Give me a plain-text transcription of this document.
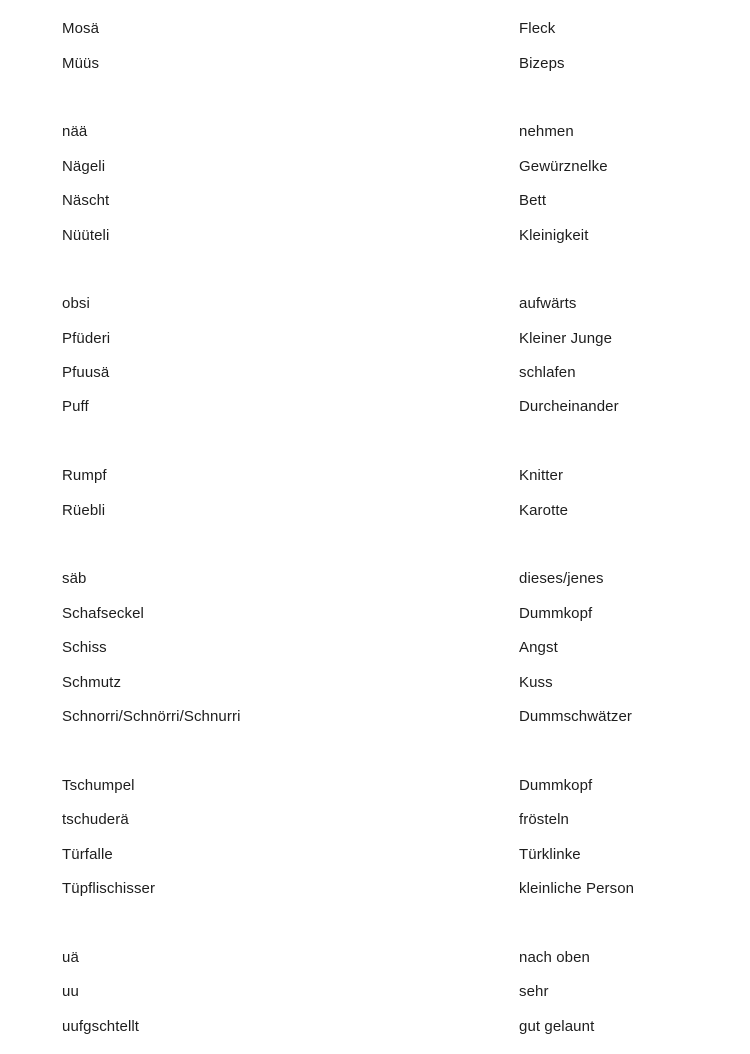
Mosä	Fleck
Müüs	Bizeps
nää	nehmen
Nägeli	Gewürznelke
Näscht	Bett
Nüüteli	Kleinigkeit
obsi	aufwärts
Pfüderi	Kleiner Junge
Pfuusä	schlafen
Puff	Durcheinander
Rumpf	Knitter
Rüebli	Karotte
säb	dieses/jenes
Schafseckel	Dummkopf
Schiss	Angst
Schmutz	Kuss
Schnorri/Schnörri/Schnurri	Dummschwätzer
Tschumpel	Dummkopf
tschuderä	frösteln
Türfalle	Türklinke
Tüpflischisser	kleinliche Person
uä	nach oben
uu	sehr
uufgschtellt	gut gelaunt
